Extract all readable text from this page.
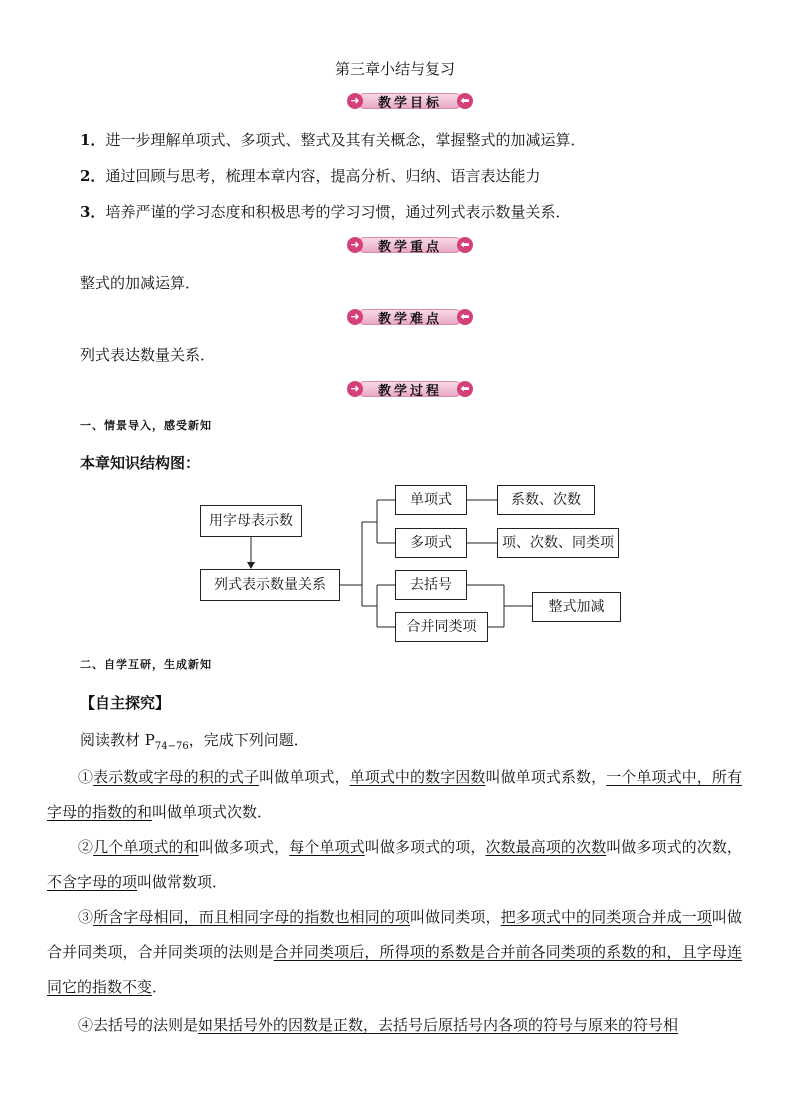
第三章小结与复习
➜	⬅
教学目标
1．进一步理解单项式、多项式、整式及其有关概念，掌握整式的加减运算．
2．通过回顾与思考，梳理本章内容，提高分析、归纳、语言表达能力
3．培养严谨的学习态度和积极思考的学习习惯，通过列式表示数量关系．
➜	⬅
教学重点
整式的加减运算．
➜	⬅
教学难点
列式表达数量关系．
➜	⬅
教学过程
一、情景导入，感受新知
本章知识结构图：
用字母表示数
列式表示数量关系
单项式
多项式
去括号
合并同类项
系数、次数
项、次数、同类项
整式加减
二、自学互研，生成新知
【自主探究】
阅读教材 $P_{74-76}$，完成下列问题．
①表示数或字母的积的式子叫做单项式，单项式中的数字因数叫做单项式系数，一个单项式中，所有字母的指数的和叫做单项式次数．
②几个单项式的和叫做多项式，每个单项式叫做多项式的项，次数最高项的次数叫做多项式的次数，不含字母的项叫做常数项．
③所含字母相同，而且相同字母的指数也相同的项叫做同类项，把多项式中的同类项合并成一项叫做合并同类项，合并同类项的法则是合并同类项后，所得项的系数是合并前各同类项的系数的和，且字母连同它的指数不变．
④去括号的法则是如果括号外的因数是正数，去括号后原括号内各项的符号与原来的符号相
